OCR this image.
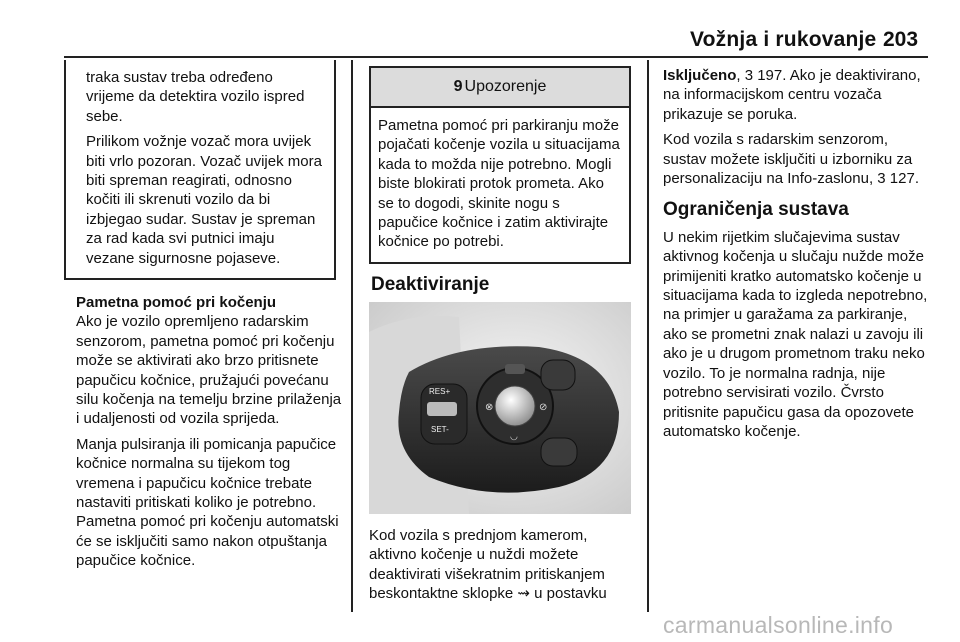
Vožnja i rukovanje 203

traka sustav treba određeno vrijeme da detektira vozilo ispred sebe.

Prilikom vožnje vozač mora uvijek biti vrlo pozoran. Vozač uvijek mora biti spreman reagirati, odnosno kočiti ili skrenuti vozilo da bi izbjegao sudar. Sustav je spreman za rad kada svi putnici imaju vezane sigurnosne pojaseve.

Pametna pomoć pri kočenju

Ako je vozilo opremljeno radarskim senzorom, pametna pomoć pri kočenju može se aktivirati ako brzo pritisnete papučicu kočnice, pružajući povećanu silu kočenja na temelju brzine prilaženja i udaljenosti od vozila sprijeda.

Manja pulsiranja ili pomicanja papučice kočnice normalna su tijekom tog vremena i papučicu kočnice trebate nastaviti pritiskati koliko je potrebno. Pametna pomoć pri kočenju automatski će se isključiti samo nakon otpuštanja papučice kočnice.

9 Upozorenje
Pametna pomoć pri parkiranju može pojačati kočenje vozila u situacijama kada to možda nije potrebno. Mogli biste blokirati protok prometa. Ako se to dogodi, skinite nogu s papučice kočnice i zatim aktivirajte kočnice po potrebi.
Deaktiviranje
RES+
SET-
⊗	⊘
◡
Kod vozila s prednjom kamerom, aktivno kočenje u nuždi možete deaktivirati višekratnim pritiskanjem beskontaktne sklopke ⇝ u postavku

Isključeno, 3 197. Ako je deaktivirano, na informacijskom centru vozača prikazuje se poruka.

Kod vozila s radarskim senzorom, sustav možete isključiti u izborniku za personalizaciju na Info-zaslonu, 3 127.

Ograničenja sustava

U nekim rijetkim slučajevima sustav aktivnog kočenja u slučaju nužde može primijeniti kratko automatsko kočenje u situacijama kada to izgleda nepotrebno, na primjer u garažama za parkiranje, ako se prometni znak nalazi u zavoju ili ako je u drugom prometnom traku neko vozilo. To je normalna radnja, nije potrebno servisirati vozilo. Čvrsto pritisnite papučicu gasa da opozovete automatsko kočenje.

carmanualsonline.info
